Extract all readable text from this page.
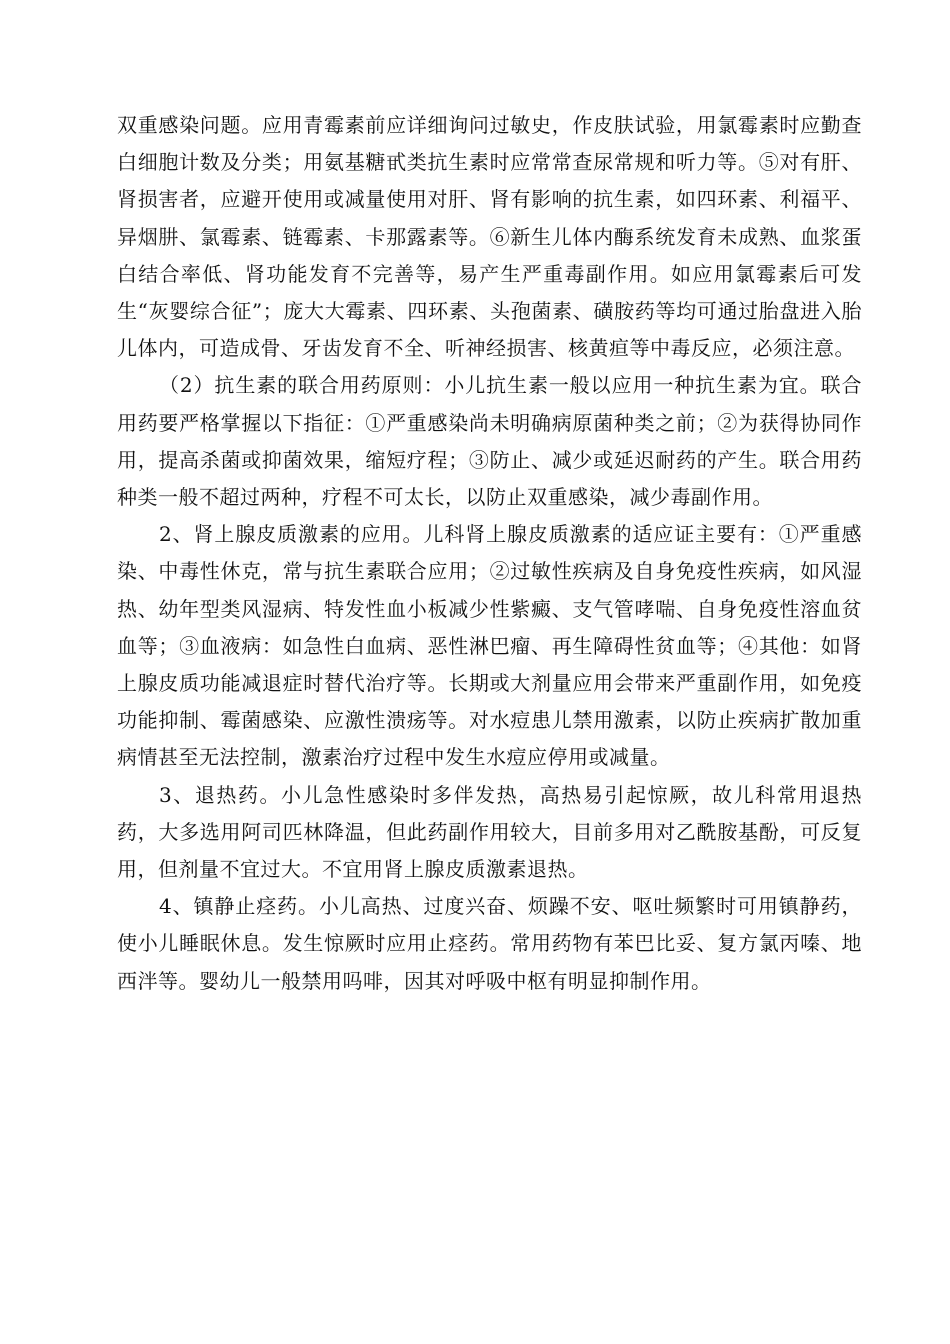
双重感染问题。应用青霉素前应详细询问过敏史，作皮肤试验，用氯霉素时应勤查白细胞计数及分类；用氨基糖甙类抗生素时应常常查尿常规和听力等。⑤对有肝、肾损害者，应避开使用或减量使用对肝、肾有影响的抗生素，如四环素、利福平、异烟肼、氯霉素、链霉素、卡那露素等。⑥新生儿体内酶系统发育未成熟、血浆蛋白结合率低、肾功能发育不完善等，易产生严重毒副作用。如应用氯霉素后可发生“灰婴综合征”；庞大大霉素、四环素、头孢菌素、磺胺药等均可通过胎盘进入胎儿体内，可造成骨、牙齿发育不全、听神经损害、核黄疸等中毒反应，必须注意。

（2）抗生素的联合用药原则：小儿抗生素一般以应用一种抗生素为宜。联合用药要严格掌握以下指征：①严重感染尚未明确病原菌种类之前；②为获得协同作用，提高杀菌或抑菌效果，缩短疗程；③防止、减少或延迟耐药的产生。联合用药种类一般不超过两种，疗程不可太长，以防止双重感染，减少毒副作用。

2、肾上腺皮质激素的应用。儿科肾上腺皮质激素的适应证主要有：①严重感染、中毒性休克，常与抗生素联合应用；②过敏性疾病及自身免疫性疾病，如风湿热、幼年型类风湿病、特发性血小板减少性紫癜、支气管哮喘、自身免疫性溶血贫血等；③血液病：如急性白血病、恶性淋巴瘤、再生障碍性贫血等；④其他：如肾上腺皮质功能减退症时替代治疗等。长期或大剂量应用会带来严重副作用，如免疫功能抑制、霉菌感染、应激性溃疡等。对水痘患儿禁用激素，以防止疾病扩散加重病情甚至无法控制，激素治疗过程中发生水痘应停用或减量。

3、退热药。小儿急性感染时多伴发热，高热易引起惊厥，故儿科常用退热药，大多选用阿司匹林降温，但此药副作用较大，目前多用对乙酰胺基酚，可反复用，但剂量不宜过大。不宜用肾上腺皮质激素退热。

4、镇静止痉药。小儿高热、过度兴奋、烦躁不安、呕吐频繁时可用镇静药，使小儿睡眠休息。发生惊厥时应用止痉药。常用药物有苯巴比妥、复方氯丙嗪、地西泮等。婴幼儿一般禁用吗啡，因其对呼吸中枢有明显抑制作用。
